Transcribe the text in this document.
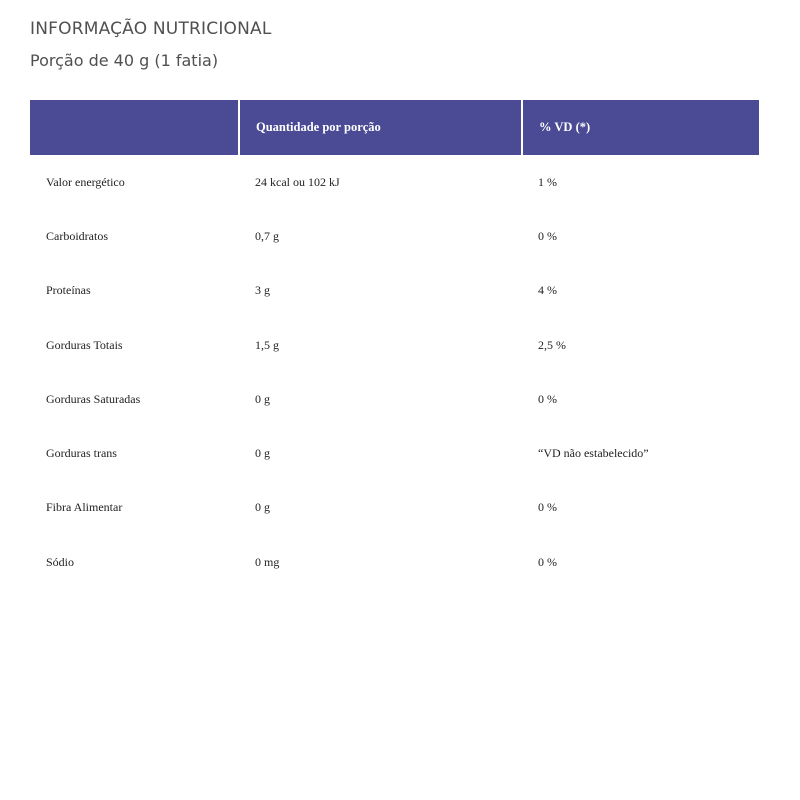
INFORMAÇÃO NUTRICIONAL
Porção de 40 g (1 fatia)
	Quantidade por porção	% VD (*)
Valor energético	24 kcal ou 102 kJ	1 %
Carboidratos	0,7 g	0 %
Proteínas	3 g	4 %
Gorduras Totais	1,5 g	2,5 %
Gorduras Saturadas	0 g	0 %
Gorduras trans	0 g	“VD não estabelecido”
Fibra Alimentar	0 g	0 %
Sódio	0 mg	0 %
